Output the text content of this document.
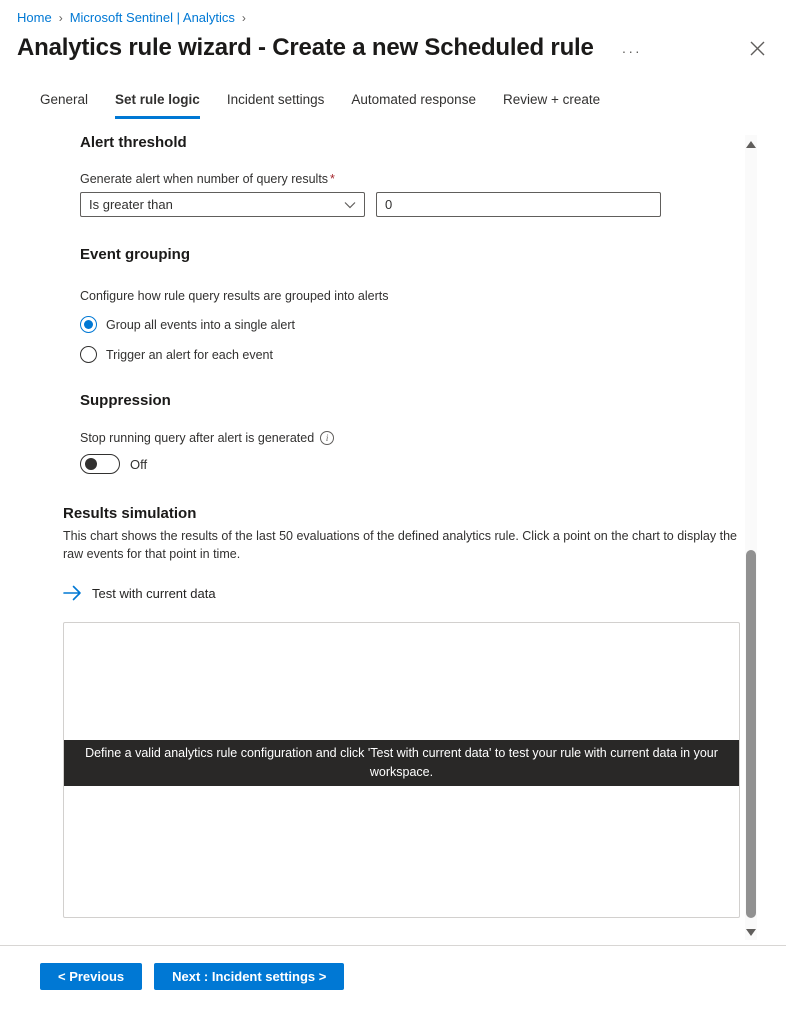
Home › Microsoft Sentinel | Analytics ›
Analytics rule wizard - Create a new Scheduled rule ···
General Set rule logic Incident settings Automated response Review + create
Alert threshold
Generate alert when number of query results *
Is greater than
0
Event grouping
Configure how rule query results are grouped into alerts
Group all events into a single alert
Trigger an alert for each event
Suppression
Stop running query after alert is generated	i
Off
Results simulation
This chart shows the results of the last 50 evaluations of the defined analytics rule. Click a point on the chart to display the raw events for that point in time.
Test with current data
Define a valid analytics rule configuration and click 'Test with current data' to test your rule with current data in your workspace.
< Previous	Next : Incident settings >
